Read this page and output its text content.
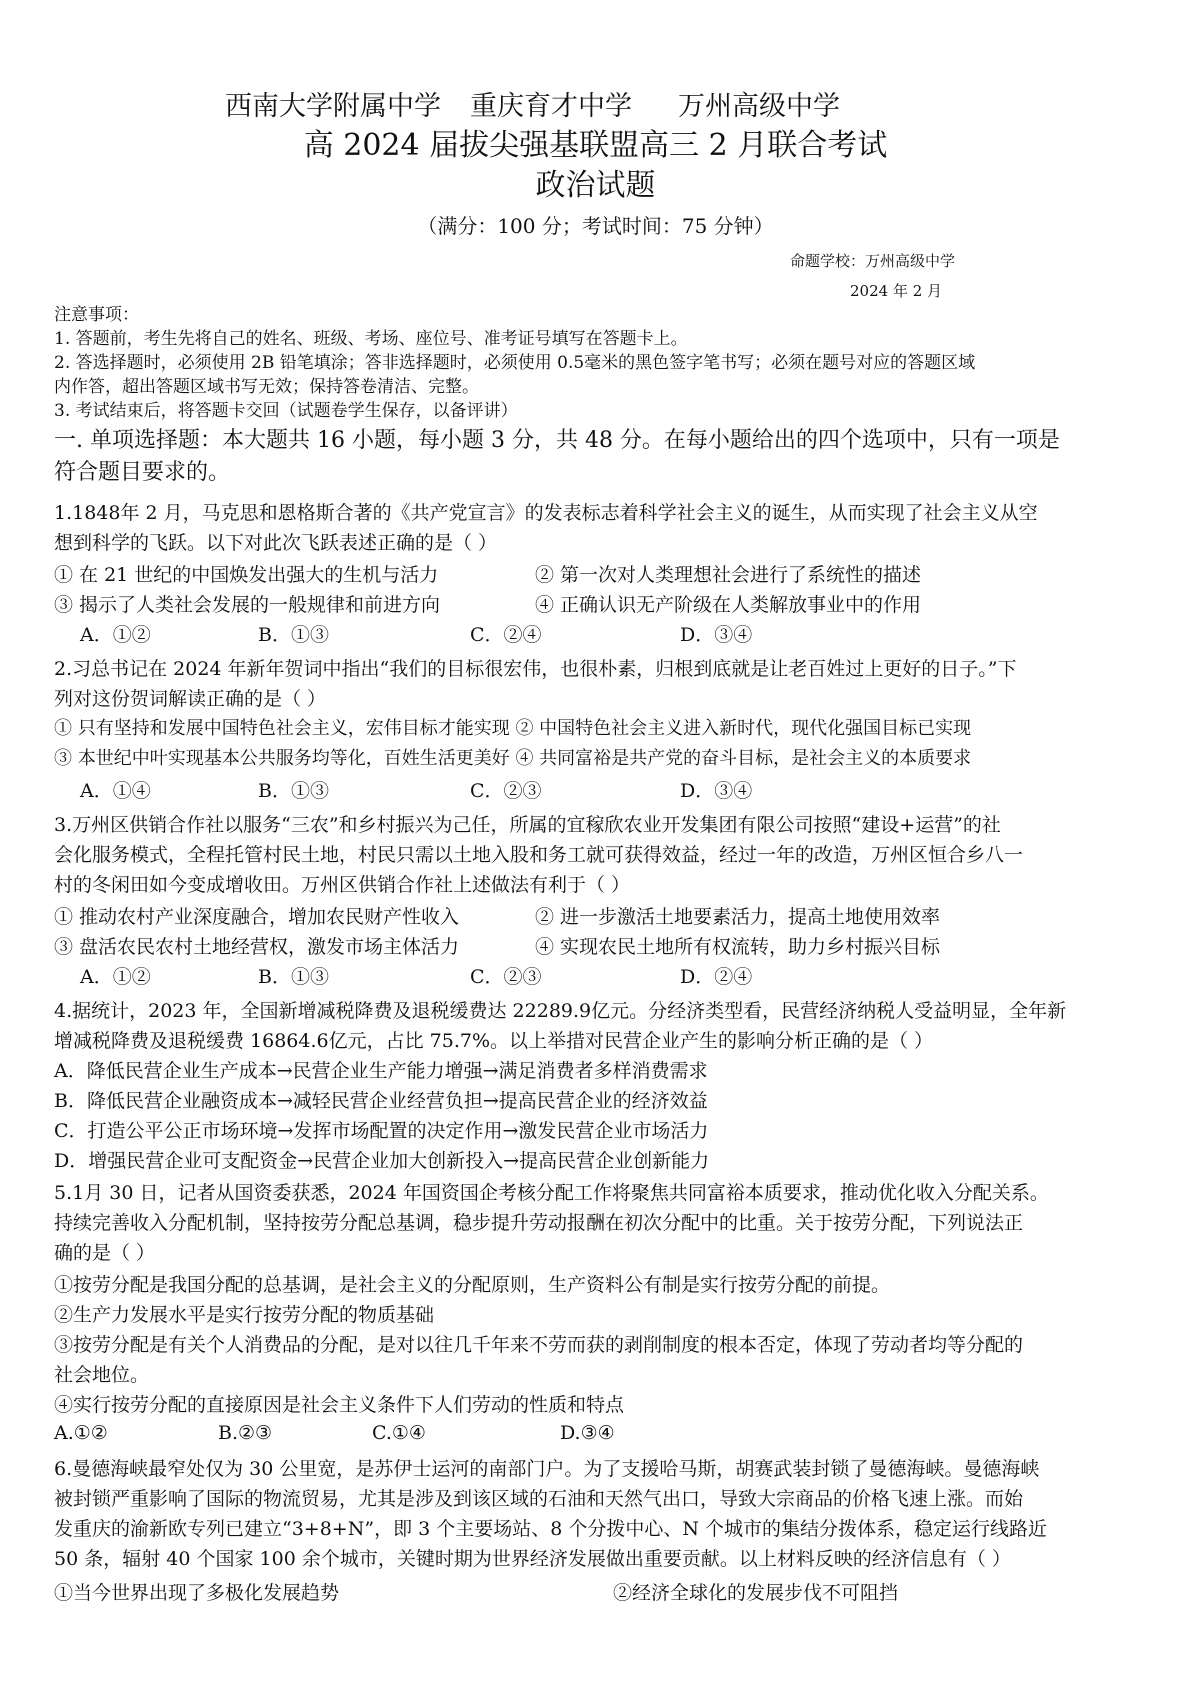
西南大学附属中学 重庆育才中学 万州高级中学
高 2024 届拔尖强基联盟高三 2 月联合考试
政治试题
（满分：100 分；考试时间：75 分钟）
命题学校：万州高级中学
2024 年 2 月
注意事项：
1. 答题前，考生先将自己的姓名、班级、考场、座位号、准考证号填写在答题卡上。
2. 答选择题时，必须使用 2B 铅笔填涂；答非选择题时，必须使用 0.5毫米的黑色签字笔书写；必须在题号对应的答题区域
内作答，超出答题区域书写无效；保持答卷清洁、完整。
3. 考试结束后，将答题卡交回（试题卷学生保存，以备评讲）
一. 单项选择题：本大题共 16 小题，每小题 3 分，共 48 分。在每小题给出的四个选项中，只有一项是
符合题目要求的。
1.1848年 2 月，马克思和恩格斯合著的《共产党宣言》的发表标志着科学社会主义的诞生，从而实现了社会主义从空
想到科学的飞跃。以下对此次飞跃表述正确的是（ ）
① 在 21 世纪的中国焕发出强大的生机与活力	② 第一次对人类理想社会进行了系统性的描述
③ 揭示了人类社会发展的一般规律和前进方向	④ 正确认识无产阶级在人类解放事业中的作用
A．①②	B．①③	C．②④	D．③④
2.习总书记在 2024 年新年贺词中指出“我们的目标很宏伟，也很朴素，归根到底就是让老百姓过上更好的日子。”下
列对这份贺词解读正确的是（ ）
① 只有坚持和发展中国特色社会主义，宏伟目标才能实现 ② 中国特色社会主义进入新时代，现代化强国目标已实现
③ 本世纪中叶实现基本公共服务均等化，百姓生活更美好 ④ 共同富裕是共产党的奋斗目标，是社会主义的本质要求
A．①④	B．①③	C．②③	D．③④
3.万州区供销合作社以服务“三农”和乡村振兴为己任，所属的宜稼欣农业开发集团有限公司按照“建设+运营”的社
会化服务模式，全程托管村民土地，村民只需以土地入股和务工就可获得效益，经过一年的改造，万州区恒合乡八一
村的冬闲田如今变成增收田。万州区供销合作社上述做法有利于（ ）
① 推动农村产业深度融合，增加农民财产性收入	② 进一步激活土地要素活力，提高土地使用效率
③ 盘活农民农村土地经营权，激发市场主体活力	④ 实现农民土地所有权流转，助力乡村振兴目标
A．①②	B．①③	C．②③	D．②④
4.据统计，2023 年，全国新增减税降费及退税缓费达 22289.9亿元。分经济类型看，民营经济纳税人受益明显，全年新
增减税降费及退税缓费 16864.6亿元，占比 75.7%。以上举措对民营企业产生的影响分析正确的是（ ）
A．降低民营企业生产成本→民营企业生产能力增强→满足消费者多样消费需求
B．降低民营企业融资成本→减轻民营企业经营负担→提高民营企业的经济效益
C．打造公平公正市场环境→发挥市场配置的决定作用→激发民营企业市场活力
D．增强民营企业可支配资金→民营企业加大创新投入→提高民营企业创新能力
5.1月 30 日，记者从国资委获悉，2024 年国资国企考核分配工作将聚焦共同富裕本质要求，推动优化收入分配关系。
持续完善收入分配机制，坚持按劳分配总基调，稳步提升劳动报酬在初次分配中的比重。关于按劳分配，下列说法正
确的是（ ）
①按劳分配是我国分配的总基调，是社会主义的分配原则，生产资料公有制是实行按劳分配的前提。
②生产力发展水平是实行按劳分配的物质基础
③按劳分配是有关个人消费品的分配，是对以往几千年来不劳而获的剥削制度的根本否定，体现了劳动者均等分配的
社会地位。
④实行按劳分配的直接原因是社会主义条件下人们劳动的性质和特点
A.①②	B.②③	C.①④	D.③④
6.曼德海峡最窄处仅为 30 公里宽，是苏伊士运河的南部门户。为了支援哈马斯，胡赛武装封锁了曼德海峡。曼德海峡
被封锁严重影响了国际的物流贸易，尤其是涉及到该区域的石油和天然气出口，导致大宗商品的价格飞速上涨。而始
发重庆的渝新欧专列已建立“3+8+N”，即 3 个主要场站、8 个分拨中心、N 个城市的集结分拨体系，稳定运行线路近
50 条，辐射 40 个国家 100 余个城市，关键时期为世界经济发展做出重要贡献。以上材料反映的经济信息有（ ）
①当今世界出现了多极化发展趋势	②经济全球化的发展步伐不可阻挡
